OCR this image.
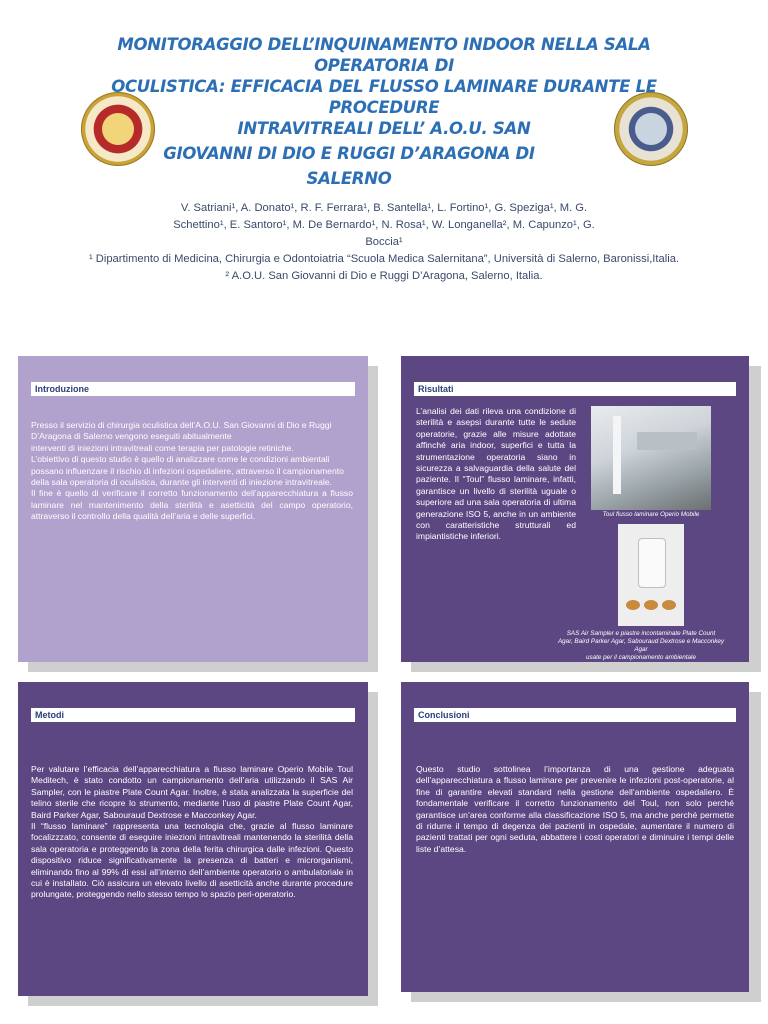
MONITORAGGIO DELL’INQUINAMENTO INDOOR NELLA SALA OPERATORIA DI
OCULISTICA: EFFICACIA DEL FLUSSO LAMINARE DURANTE LE PROCEDURE
INTRAVITREALI DELL’ A.O.U. SAN
GIOVANNI DI DIO E RUGGI D’ARAGONA DI
SALERNO
V. Satriani¹, A. Donato¹, R. F. Ferrara¹, B. Santella¹, L. Fortino¹, G. Speziga¹, M. G.
Schettino¹, E. Santoro¹, M. De Bernardo¹, N. Rosa¹, W. Longanella², M. Capunzo¹, G.
Boccia¹
¹ Dipartimento di Medicina, Chirurgia e Odontoiatria “Scuola Medica Salernitana”, Università di Salerno, Baronissi,Italia.
² A.O.U. San Giovanni di Dio e Ruggi D’Aragona, Salerno, Italia.
Introduzione
Presso il servizio di chirurgia oculistica dell’A.O.U. San Giovanni di Dio e Ruggi D’Aragona di Salerno vengono eseguiti abitualmente
interventi di iniezioni intravitreali come terapia per patologie retiniche.
L’obiettivo di questo studio è quello di analizzare come le condizioni ambientali possano influenzare il rischio di infezioni ospedaliere, attraverso il campionamento della sala operatoria di oculistica, durante gli interventi di iniezione intravitreale.
Il fine è quello di verificare il corretto funzionamento dell’apparecchiatura a flusso laminare nel mantenimento della sterilità e asetticità del campo operatorio, attraverso il controllo della qualità dell’aria e delle superfici.
Risultati
L’analisi dei dati rileva una condizione di sterilità e asepsi durante tutte le sedute operatorie, grazie alle misure adottate affinché aria indoor, superfici e tutta la strumentazione operatoria siano in sicurezza a salvaguardia della salute del paziente. Il “Toul” flusso laminare, infatti, garantisce un livello di sterilità uguale o superiore ad una sala operatoria di ultima generazione ISO 5, anche in un ambiente con caratteristiche strutturali ed impiantistiche inferiori.
Toul flusso laminare Operio Mobile
SAS Air Sampler e piastre incontaminate Plate Count
Agar, Baird Parker Agar, Sabouraud Dextrose e Macconkey
Agar
usate per il campionamento ambientale
Metodi
Per valutare l’efficacia dell’apparecchiatura a flusso laminare Operio Mobile Toul Meditech, è stato condotto un campionamento dell’aria utilizzando il SAS Air Sampler, con le piastre Plate Count Agar. Inoltre, è stata analizzata la superficie del telino sterile che ricopre lo strumento, mediante l’uso di piastre Plate Count Agar, Baird Parker Agar, Sabouraud Dextrose e Macconkey Agar.
Il “flusso laminare” rappresenta una tecnologia che, grazie al flusso laminare focalizzzato, consente di eseguire iniezioni intravitreali mantenendo la sterilità della sala operatoria e proteggendo la zona della ferita chirurgica dalle infezioni. Questo dispositivo riduce significativamente la presenza di batteri e microrganismi, eliminando fino al 99% di essi all’interno dell’ambiente operatorio o ambulatoriale in cui è installato. Ciò assicura un elevato livello di asetticità anche durante procedure prolungate, proteggendo nello stesso tempo lo spazio peri-operatorio.
Conclusioni
Questo studio sottolinea l’importanza di una gestione adeguata dell’apparecchiatura a flusso laminare per prevenire le infezioni post-operatorie, al fine di garantire elevati standard nella gestione dell’ambiente ospedaliero. È fondamentale verificare il corretto funzionamento del Toul, non solo perché garantisce un’area conforme alla classificazione ISO 5, ma anche perché permette di ridurre il tempo di degenza dei pazienti in ospedale, aumentare il numero di pazienti trattati per ogni seduta, abbattere i costi operatori e diminuire i tempi delle liste d’attesa.
